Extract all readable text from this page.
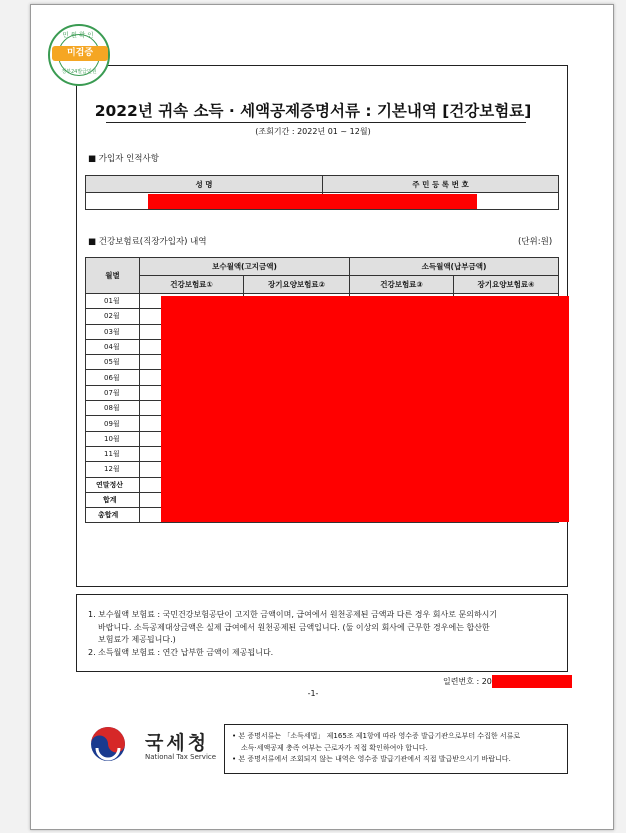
민원확인
미검증
정부24발급민원
2022년 귀속 소득 · 세액공제증명서류 : 기본내역 [건강보험료]
(조회기간 : 2022년 01 ~ 12월)
■ 가입자 인적사항
성 명	주 민 등 록 번 호

■ 건강보험료(직장가입자) 내역	(단위:원)
월별	보수월액(고지금액)		소득월액(납부금액)	
	건강보험료①	장기요양보험료②	건강보험료③	장기요양보험료④
01월				
02월				
03월				
04월				
05월				
06월				
07월				
08월				
09월				
10월				
11월				
12월				
연말정산				
합계				
총합계				
1. 보수월액 보험료 : 국민건강보험공단이 고지한 금액이며, 급여에서 원천공제된 금액과 다른 경우 회사로 문의하시기
바랍니다. 소득공제대상금액은 실제 급여에서 원천공제된 금액입니다. (둘 이상의 회사에 근무한 경우에는 합산한
보험료가 제공됩니다.)
2. 소득월액 보험료 : 연간 납부한 금액이 제공됩니다.
일련번호 : 20
-1-
국세청
National Tax Service
• 본 증명서류는 「소득세법」 제165조 제1항에 따라 영수증 발급기관으로부터 수집한 서류로
소득·세액공제 충족 여부는 근로자가 직접 확인하여야 합니다.
• 본 증명서류에서 조회되지 않는 내역은 영수증 발급기관에서 직접 발급받으시기 바랍니다.
